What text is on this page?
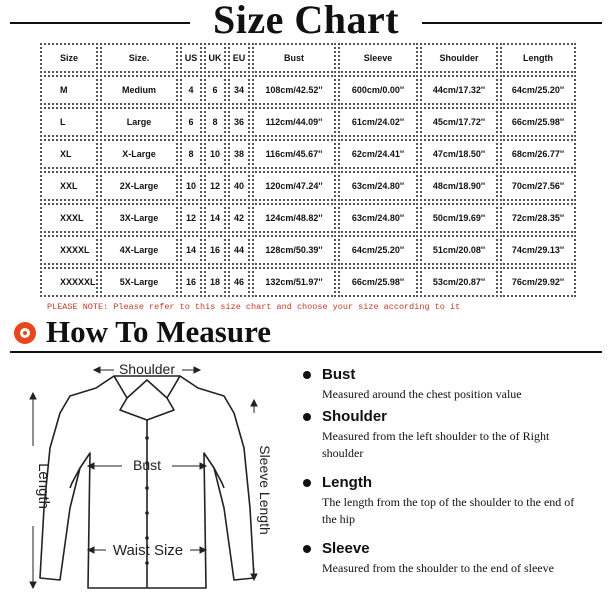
Size Chart
Size	Size.	US	UK	EU	Bust	Sleeve	Shoulder	Length
M	Medium	4	6	34	108cm/42.52''	600cm/0.00''	44cm/17.32''	64cm/25.20''
L	Large	6	8	36	112cm/44.09''	61cm/24.02''	45cm/17.72''	66cm/25.98''
XL	X-Large	8	10	38	116cm/45.67''	62cm/24.41''	47cm/18.50''	68cm/26.77''
XXL	2X-Large	10	12	40	120cm/47.24''	63cm/24.80''	48cm/18.90''	70cm/27.56''
XXXL	3X-Large	12	14	42	124cm/48.82''	63cm/24.80''	50cm/19.69''	72cm/28.35''
XXXXL	4X-Large	14	16	44	128cm/50.39''	64cm/25.20''	51cm/20.08''	74cm/29.13''
XXXXXL	5X-Large	16	18	46	132cm/51.97''	66cm/25.98''	53cm/20.87''	76cm/29.92''
PLEASE NOTE: Please refer to this size chart and choose your size according to it
How To Measure
Shoulder
Bust
Waist Size
Length	Sleeve Length
Bust
Measured around the chest position value
Shoulder
Measured from the left shoulder to the of Right shoulder
Length
The length from the top of the shoulder to the end of the hip
Sleeve
Measured from the shoulder to the end of sleeve
